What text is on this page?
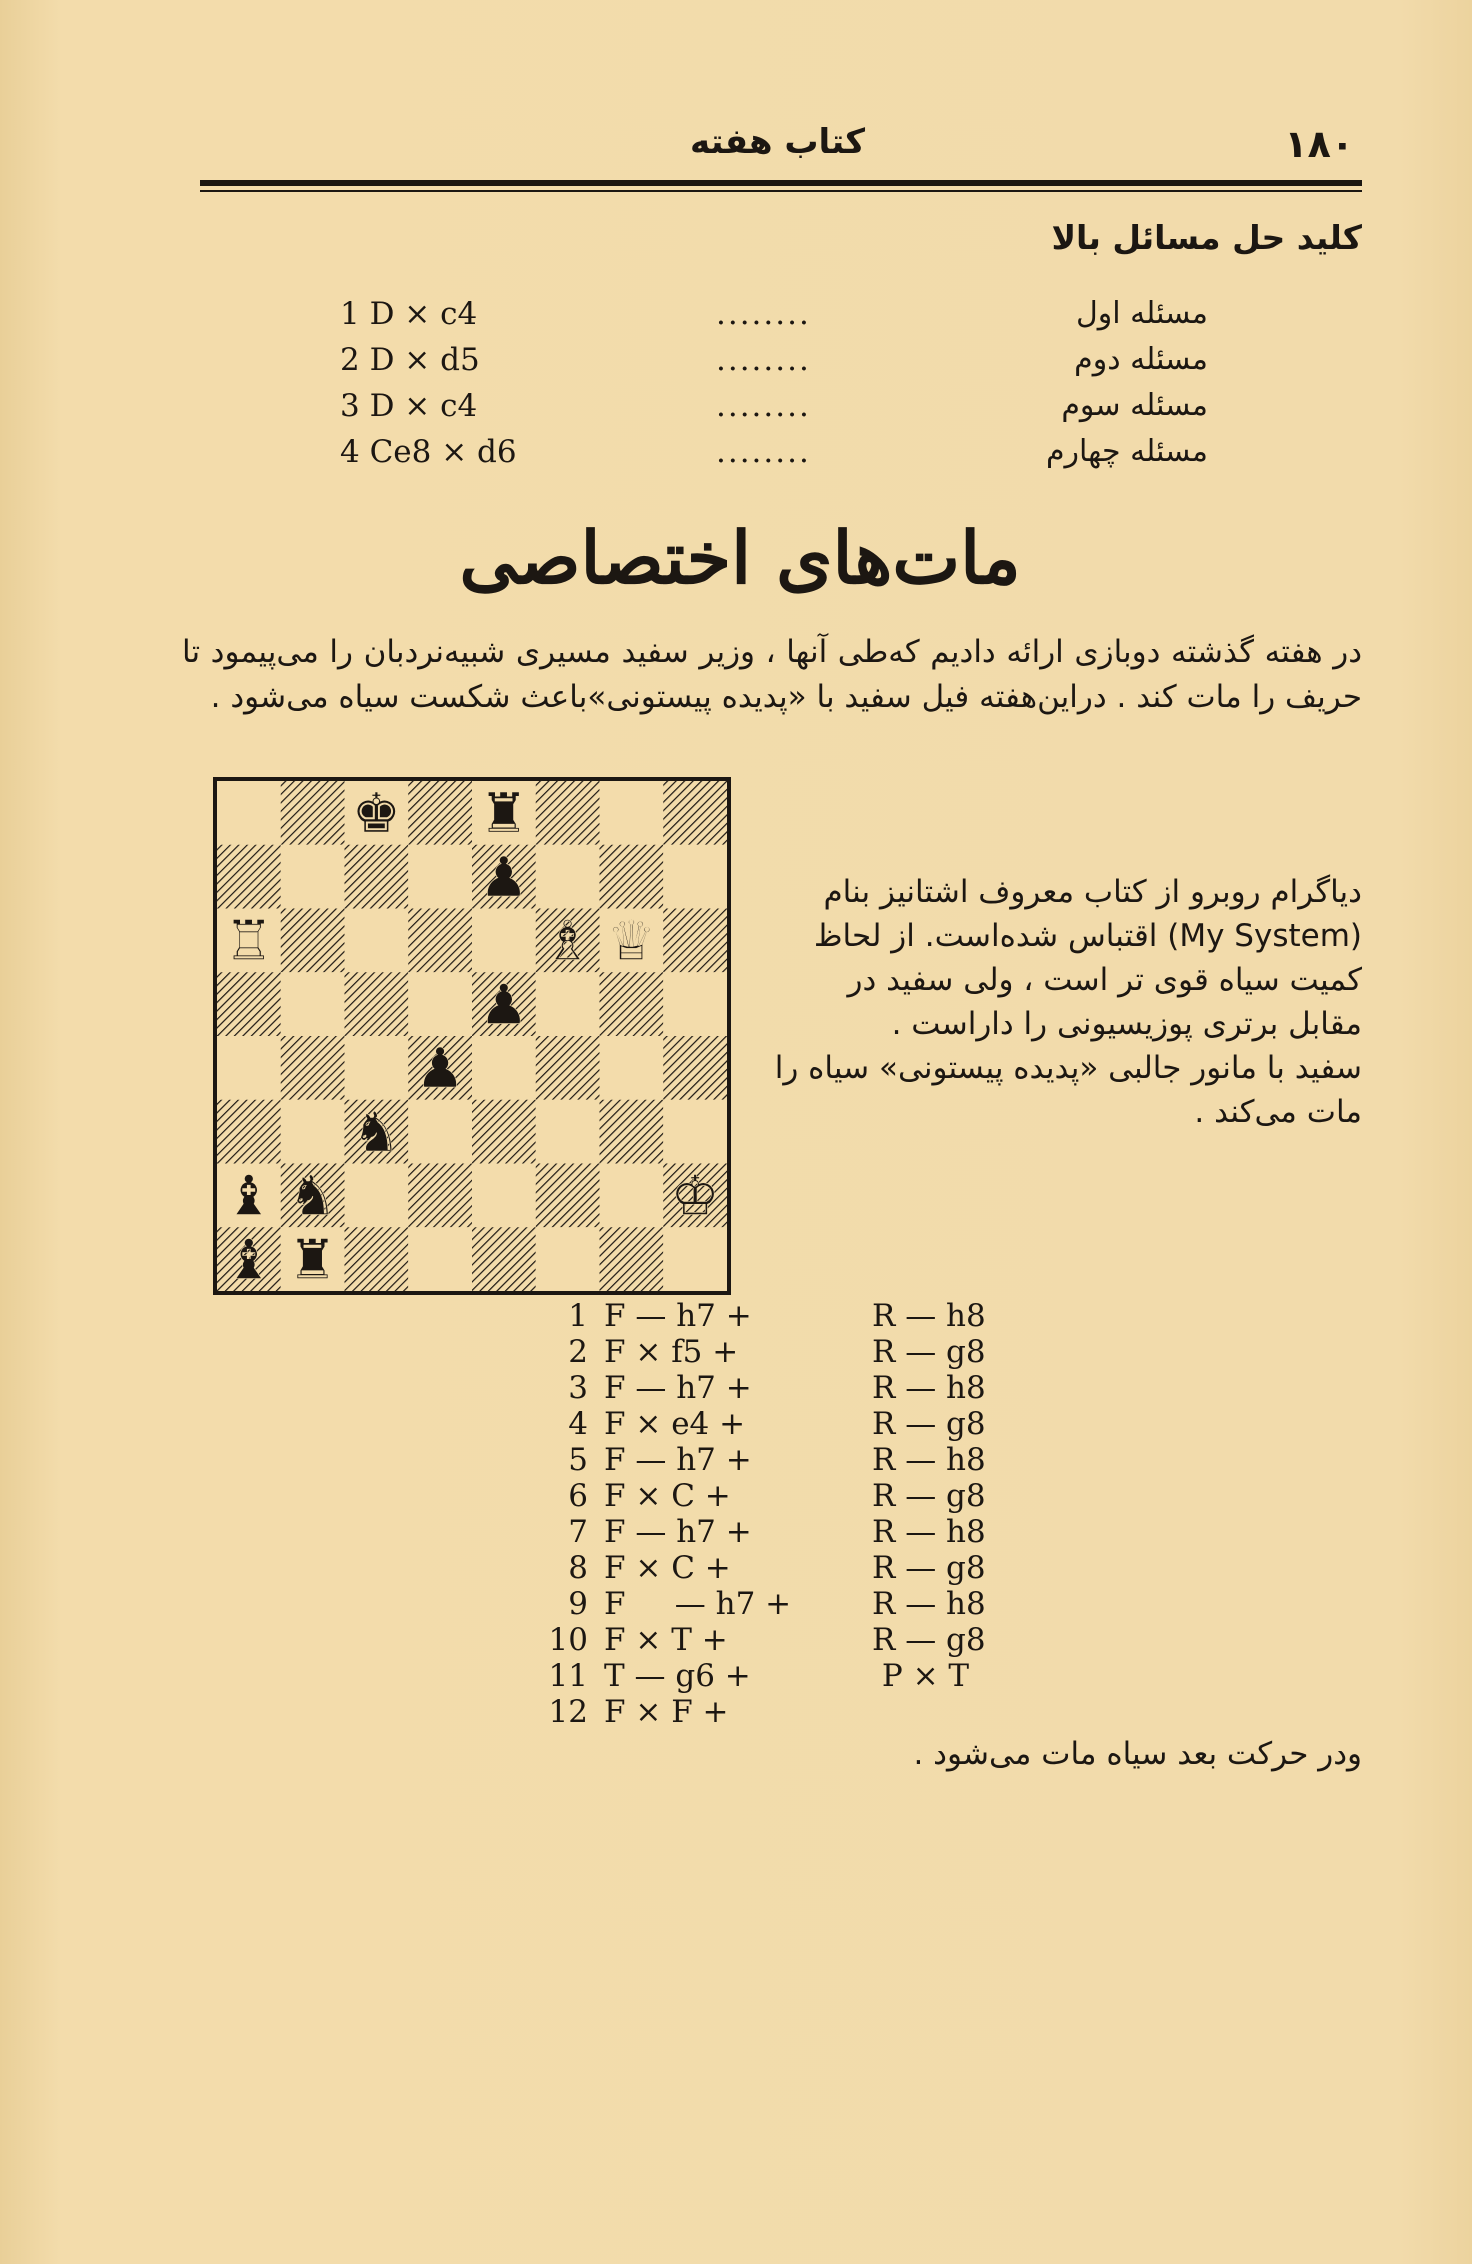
کتاب هفته	۱۸۰
کلید حل مسائل بالا
1 D × c4	........	مسئله اول
2 D × d5	........	مسئله دوم
3 D × c4	........	مسئله سوم
4 Ce8 × d6	........	مسئله چهارم
مات‌های اختصاصی
در هفته گذشته دوبازی ارائه دادیم که‌طی آنها ، وزیر سفید مسیری شبیه‌نردبان را می‌پیمود تا حریف را مات کند . دراین‌هفته فیل سفید با «پدیده پیستونی»باعث شکست سیاه می‌شود .
♜
♚
♟
♖	♗ ♕
♟
♟
♞
♝ ♞	♔
♝ ♜

دیاگرام روبرو از کتاب معروف اشتانیز بنام (My System) اقتباس شده‌است. از لحاظ کمیت سیاه قوی تر است ، ولی سفید در مقابل برتری پوزیسیونی را داراست .

سفید با مانور جالبی «پدیده پیستونی» سیاه را مات می‌کند .

1 F — h7 +	R — h8
2 F × f5 +	R — g8
3 F — h7 +	R — h8
4 F × e4 +	R — g8
5 F — h7 +	R — h8
6 F × C +	R — g8
7 F — h7 +	R — h8
8 F × C +	R — g8
9 F     — h7 +	R — h8
10 F × T +	R — g8
11 T — g6 +	P × T
12 F × F +
ودر حرکت بعد سیاه مات می‌شود .
